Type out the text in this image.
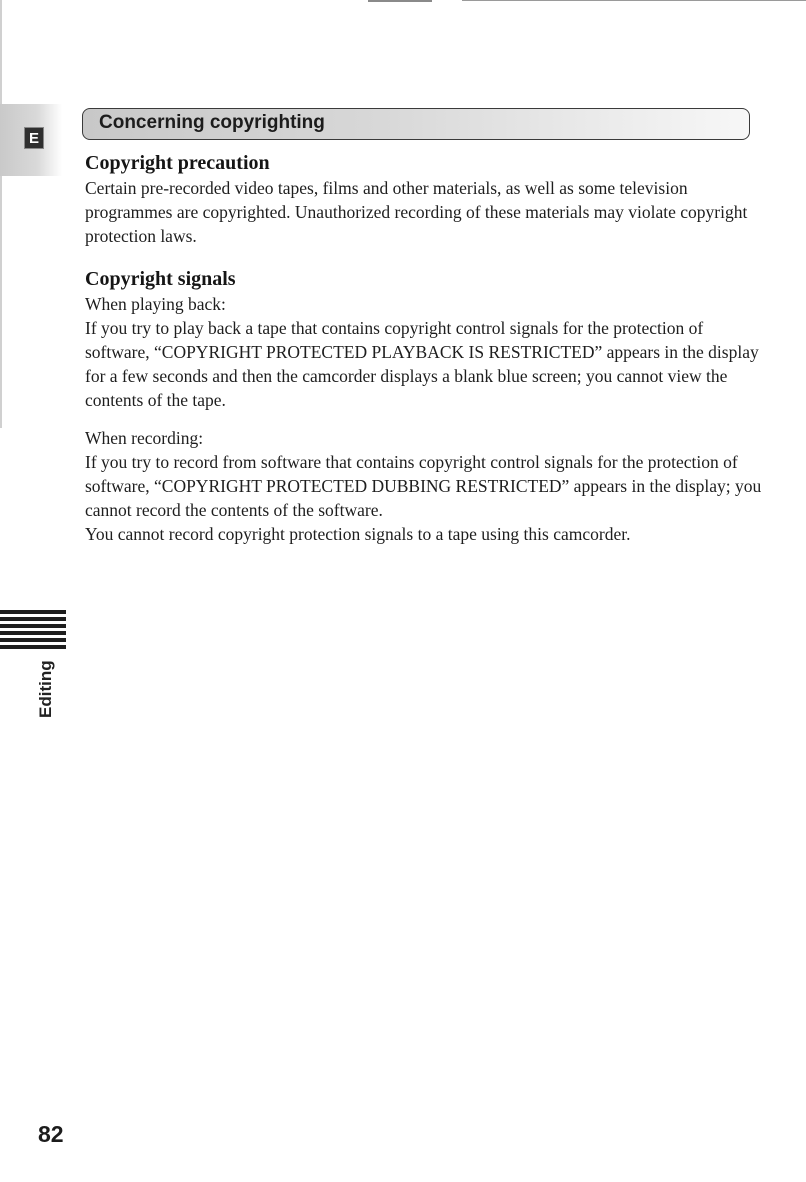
E
Concerning copyrighting
Copyright precaution

Certain pre-recorded video tapes, films and other materials, as well as some television programmes are copyrighted. Unauthorized recording of these materials may violate copyright protection laws.

Copyright signals

When playing back:

If you try to play back a tape that contains copyright control signals for the protection of software, “COPYRIGHT PROTECTED PLAYBACK IS RESTRICTED” appears in the display for a few seconds and then the camcorder displays a blank blue screen; you cannot view the contents of the tape.

When recording:

If you try to record from software that contains copyright control signals for the protection of software, “COPYRIGHT PROTECTED DUBBING RESTRICTED” appears in the display; you cannot record the contents of the software.

You cannot record copyright protection signals to a tape using this camcorder.

Editing
82
